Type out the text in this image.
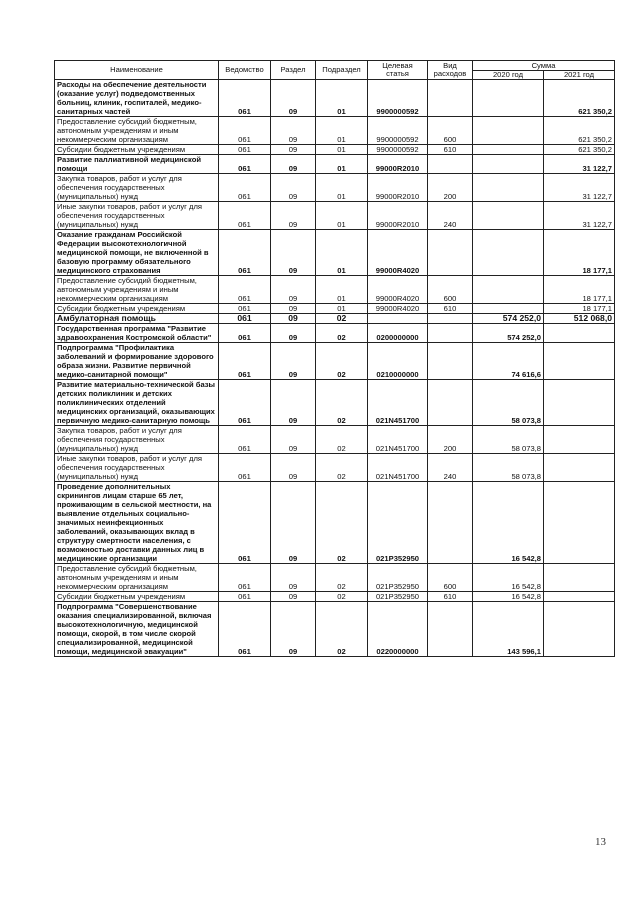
Наименование	Ведомство	Раздел	Подраздел	Целевая статья	Вид расходов	Сумма	
						2020 год	2021 год
Расходы на обеспечение деятельности (оказание услуг) подведомственных больниц, клиник, госпиталей, медико-санитарных частей	061	09	01	9900000592			621 350,2
Предоставление субсидий бюджетным, автономным учреждениям и иным некоммерческим организациям	061	09	01	9900000592	600		621 350,2
Субсидии бюджетным учреждениям	061	09	01	9900000592	610		621 350,2
Развитие паллиативной медицинской помощи	061	09	01	99000R2010			31 122,7
Закупка товаров, работ и услуг для обеспечения государственных (муниципальных) нужд	061	09	01	99000R2010	200		31 122,7
Иные закупки товаров, работ и услуг для обеспечения государственных (муниципальных) нужд	061	09	01	99000R2010	240		31 122,7
Оказание гражданам Российской Федерации высокотехнологичной медицинской помощи, не включенной в базовую программу обязательного медицинского страхования	061	09	01	99000R4020			18 177,1
Предоставление субсидий бюджетным, автономным учреждениям и иным некоммерческим организациям	061	09	01	99000R4020	600		18 177,1
Субсидии бюджетным учреждениям	061	09	01	99000R4020	610		18 177,1
Амбулаторная помощь	061	09	02			574 252,0	512 068,0
Государственная программа "Развитие здравоохранения Костромской области"	061	09	02	0200000000		574 252,0	
Подпрограмма "Профилактика заболеваний и формирование здорового образа жизни. Развитие первичной медико-санитарной помощи"	061	09	02	0210000000		74 616,6	
Развитие материально-технической базы детских поликлиник и детских поликлинических отделений медицинских организаций, оказывающих первичную медико-санитарную помощь	061	09	02	021N451700		58 073,8	
Закупка товаров, работ и услуг для обеспечения государственных (муниципальных) нужд	061	09	02	021N451700	200	58 073,8	
Иные закупки товаров, работ и услуг для обеспечения государственных (муниципальных) нужд	061	09	02	021N451700	240	58 073,8	
Проведение дополнительных скринингов лицам старше 65 лет, проживающим в сельской местности, на выявление отдельных социально-значимых неинфекционных заболеваний, оказывающих вклад в структуру смертности населения, с возможностью доставки данных лиц в медицинские организации	061	09	02	021P352950		16 542,8	
Предоставление субсидий бюджетным, автономным учреждениям и иным некоммерческим организациям	061	09	02	021P352950	600	16 542,8	
Субсидии бюджетным учреждениям	061	09	02	021P352950	610	16 542,8	
Подпрограмма "Совершенствование оказания специализированной, включая высокотехнологичную, медицинской помощи, скорой, в том числе скорой специализированной, медицинской помощи, медицинской эвакуации"	061	09	02	0220000000		143 596,1	
13
